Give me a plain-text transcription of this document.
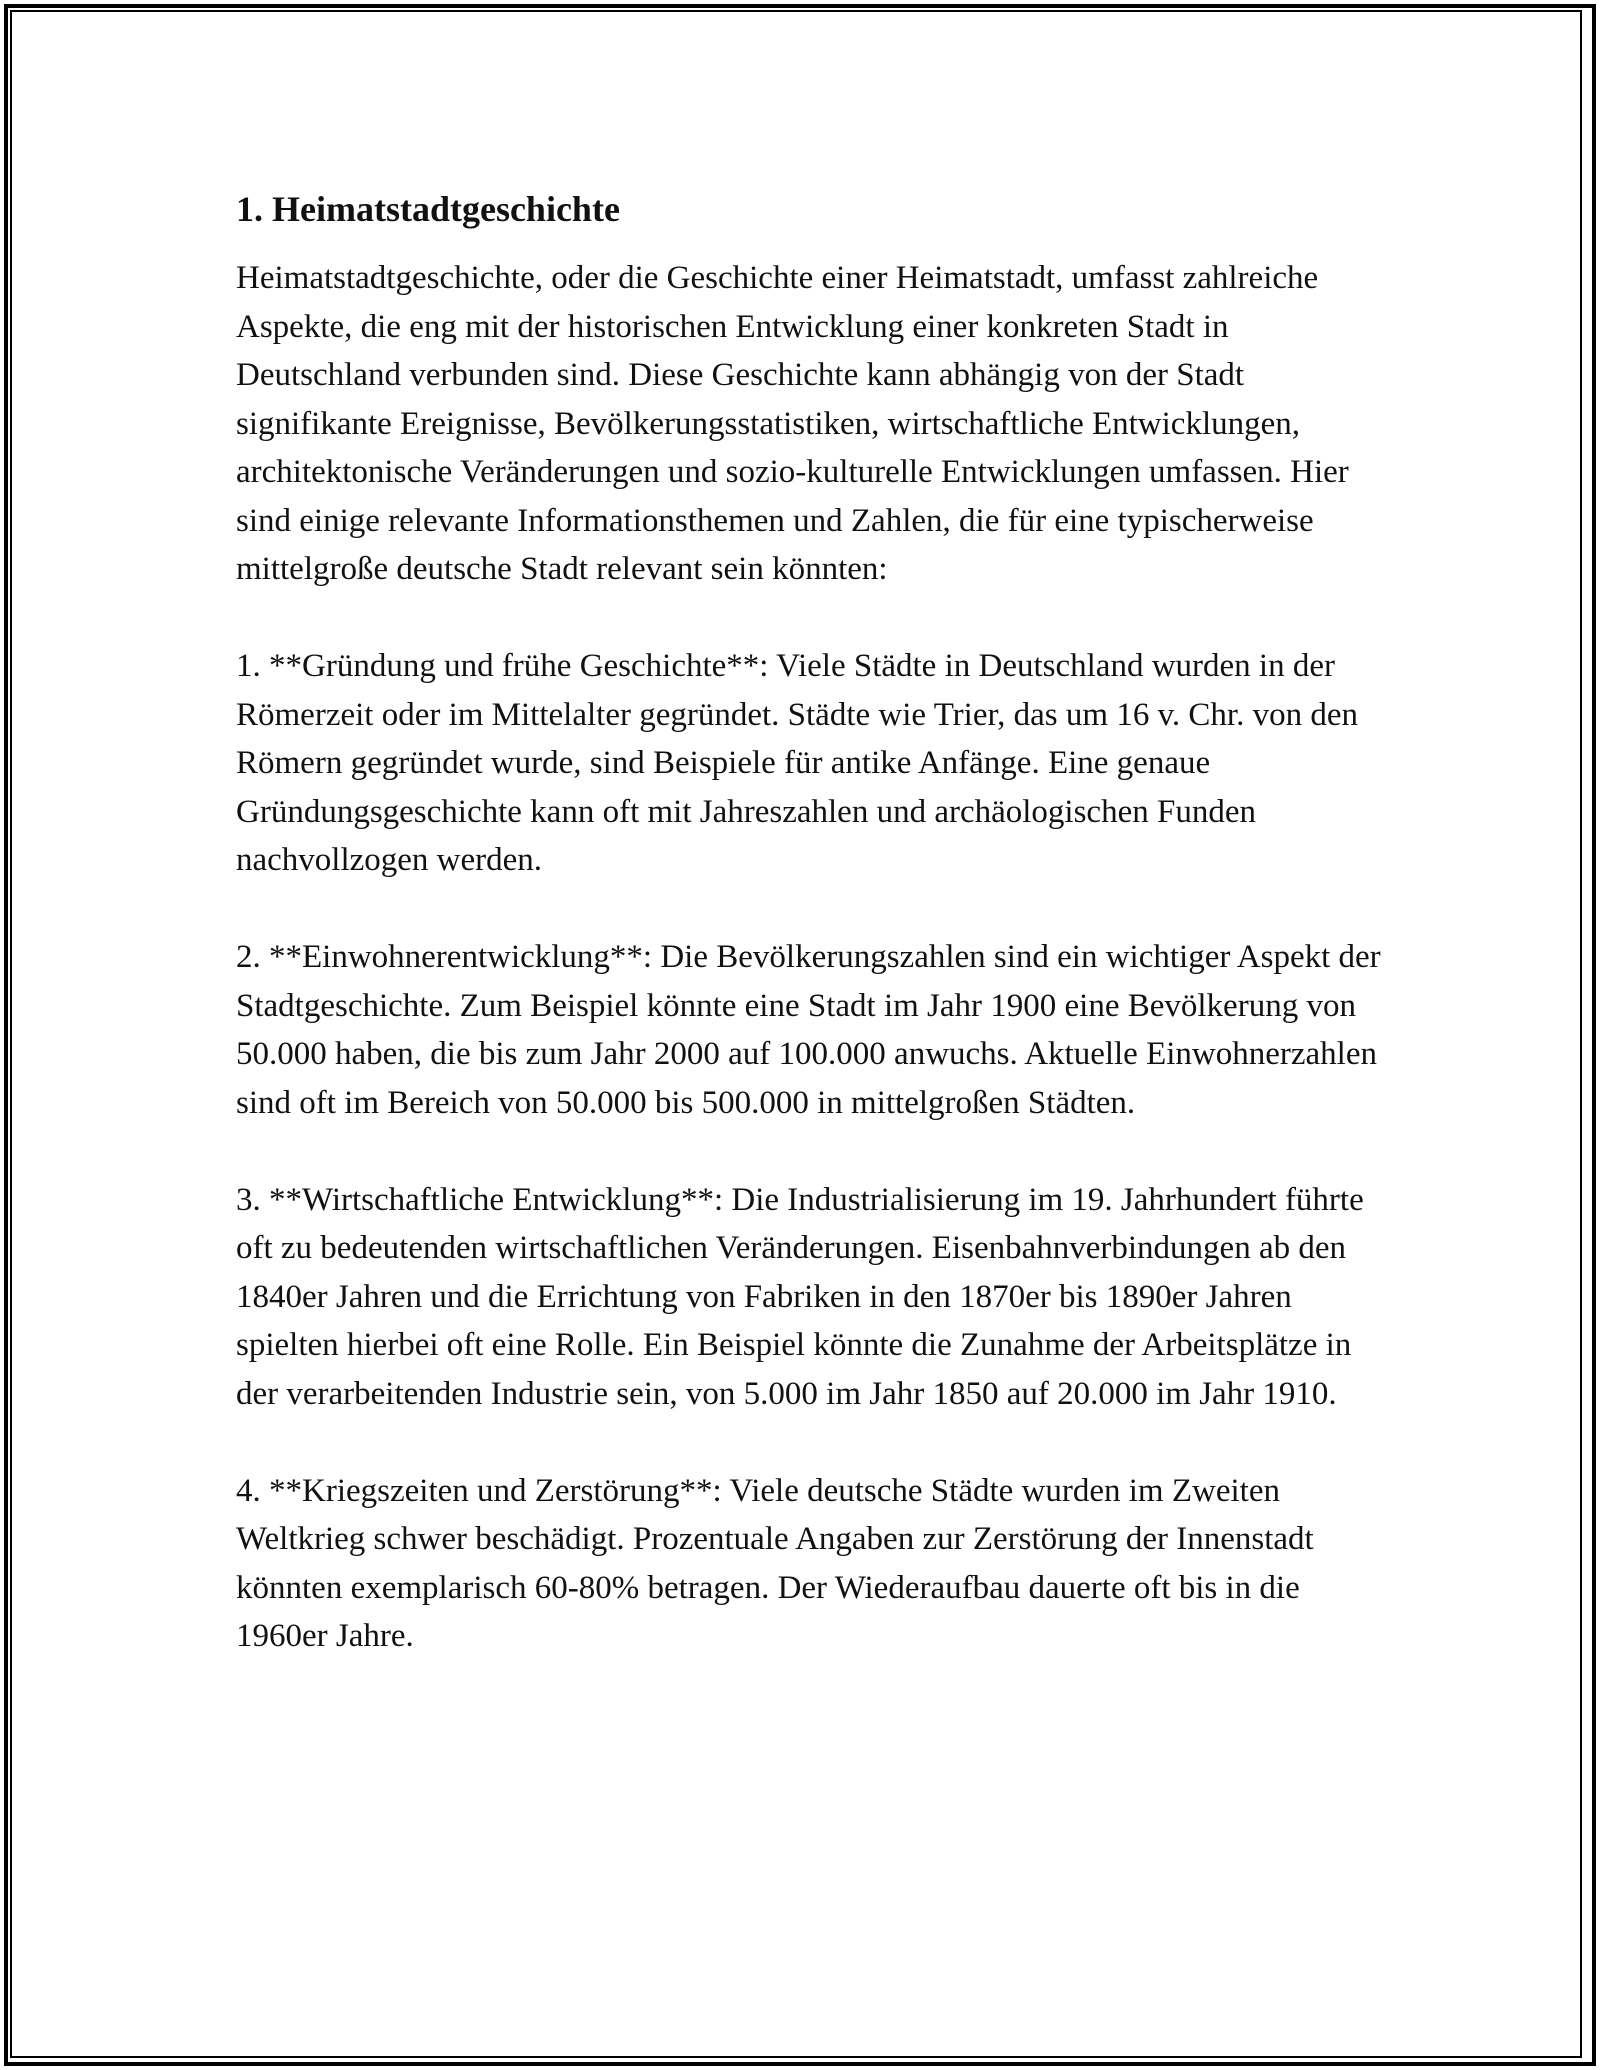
1. Heimatstadtgeschichte

Heimatstadtgeschichte, oder die Geschichte einer Heimatstadt, umfasst zahlreiche Aspekte, die eng mit der historischen Entwicklung einer konkreten Stadt in Deutschland verbunden sind. Diese Geschichte kann abhängig von der Stadt signifikante Ereignisse, Bevölkerungsstatistiken, wirtschaftliche Entwicklungen, architektonische Veränderungen und sozio-kulturelle Entwicklungen umfassen. Hier sind einige relevante Informationsthemen und Zahlen, die für eine typischerweise mittelgroße deutsche Stadt relevant sein könnten:

1. **Gründung und frühe Geschichte**: Viele Städte in Deutschland wurden in der Römerzeit oder im Mittelalter gegründet. Städte wie Trier, das um 16 v. Chr. von den Römern gegründet wurde, sind Beispiele für antike Anfänge. Eine genaue Gründungsgeschichte kann oft mit Jahreszahlen und archäologischen Funden nachvollzogen werden.

2. **Einwohnerentwicklung**: Die Bevölkerungszahlen sind ein wichtiger Aspekt der Stadtgeschichte. Zum Beispiel könnte eine Stadt im Jahr 1900 eine Bevölkerung von 50.000 haben, die bis zum Jahr 2000 auf 100.000 anwuchs. Aktuelle Einwohnerzahlen sind oft im Bereich von 50.000 bis 500.000 in mittelgroßen Städten.

3. **Wirtschaftliche Entwicklung**: Die Industrialisierung im 19. Jahrhundert führte oft zu bedeutenden wirtschaftlichen Veränderungen. Eisenbahnverbindungen ab den 1840er Jahren und die Errichtung von Fabriken in den 1870er bis 1890er Jahren spielten hierbei oft eine Rolle. Ein Beispiel könnte die Zunahme der Arbeitsplätze in der verarbeitenden Industrie sein, von 5.000 im Jahr 1850 auf 20.000 im Jahr 1910.

4. **Kriegszeiten und Zerstörung**: Viele deutsche Städte wurden im Zweiten Weltkrieg schwer beschädigt. Prozentuale Angaben zur Zerstörung der Innenstadt könnten exemplarisch 60-80% betragen. Der Wiederaufbau dauerte oft bis in die 1960er Jahre.
